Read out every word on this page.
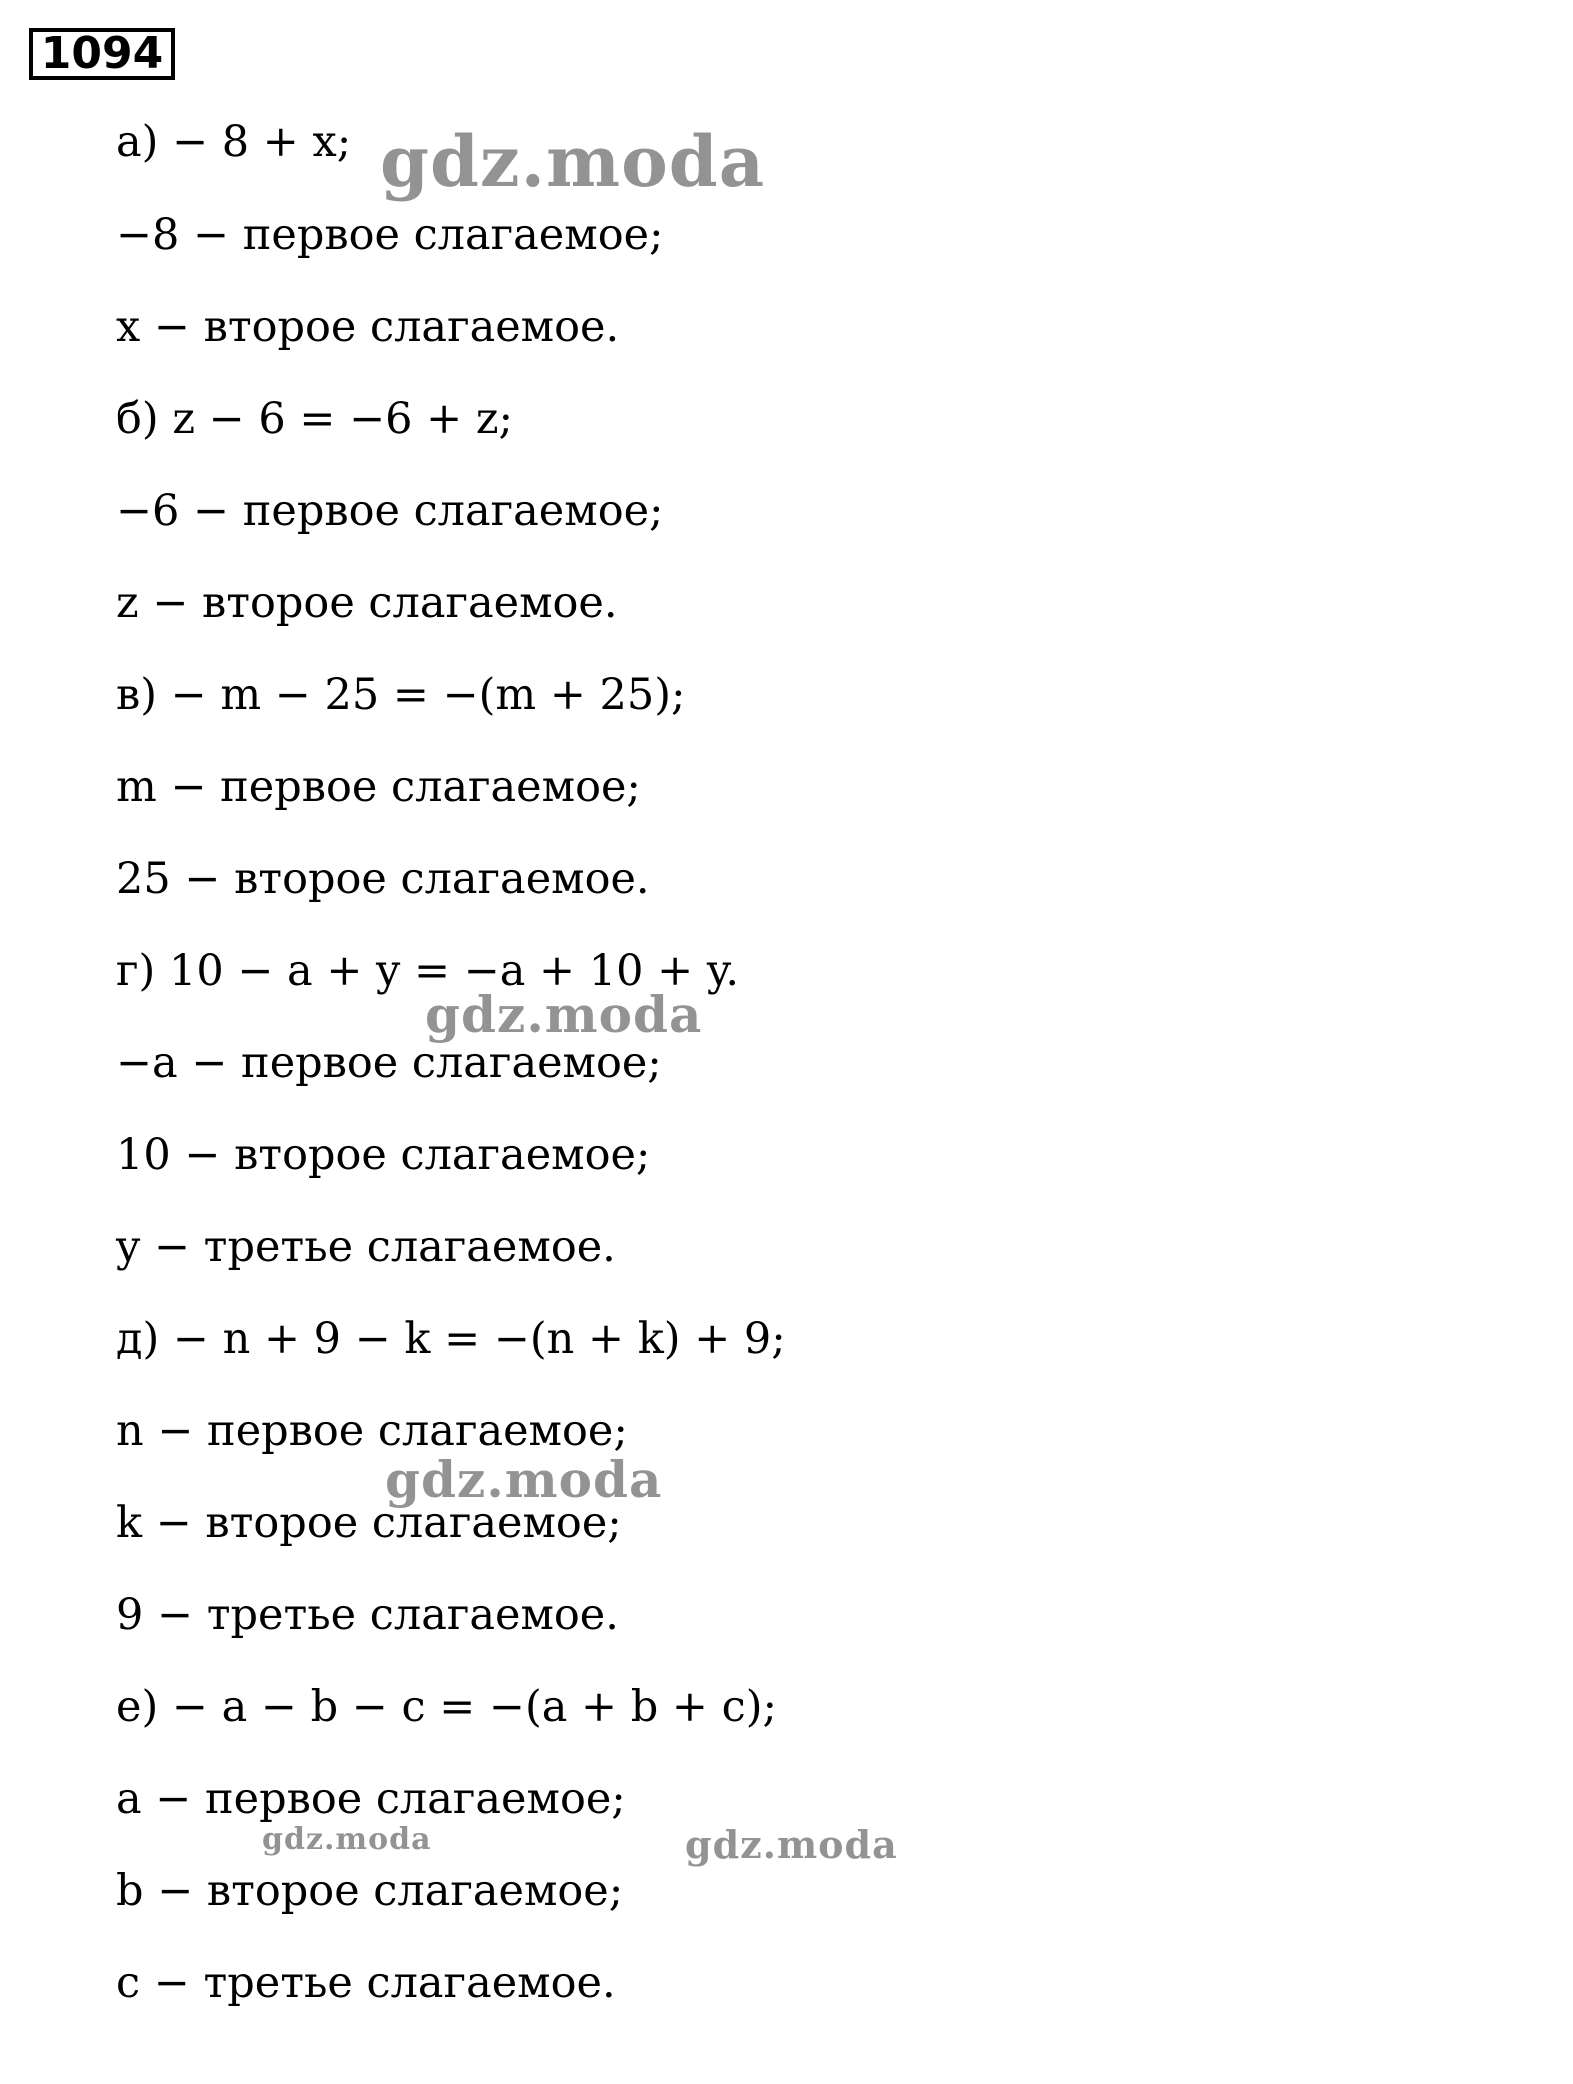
1094
а) − 8 + x;
−8 − первое слагаемое;
x − второе слагаемое.
б) z − 6 = −6 + z;
−6 − первое слагаемое;
z − второе слагаемое.
в) − m − 25 = −(m + 25);
m − первое слагаемое;
25 − второе слагаемое.
г) 10 − a + y = −a + 10 + y.
−a − первое слагаемое;
10 − второе слагаемое;
y − третье слагаемое.
д) − n + 9 − k = −(n + k) + 9;
n − первое слагаемое;
k − второе слагаемое;
9 − третье слагаемое.
е) − a − b − c = −(a + b + c);
a − первое слагаемое;
b − второе слагаемое;
c − третье слагаемое.
gdz.moda
gdz.moda
gdz.moda
gdz.moda	gdz.moda
